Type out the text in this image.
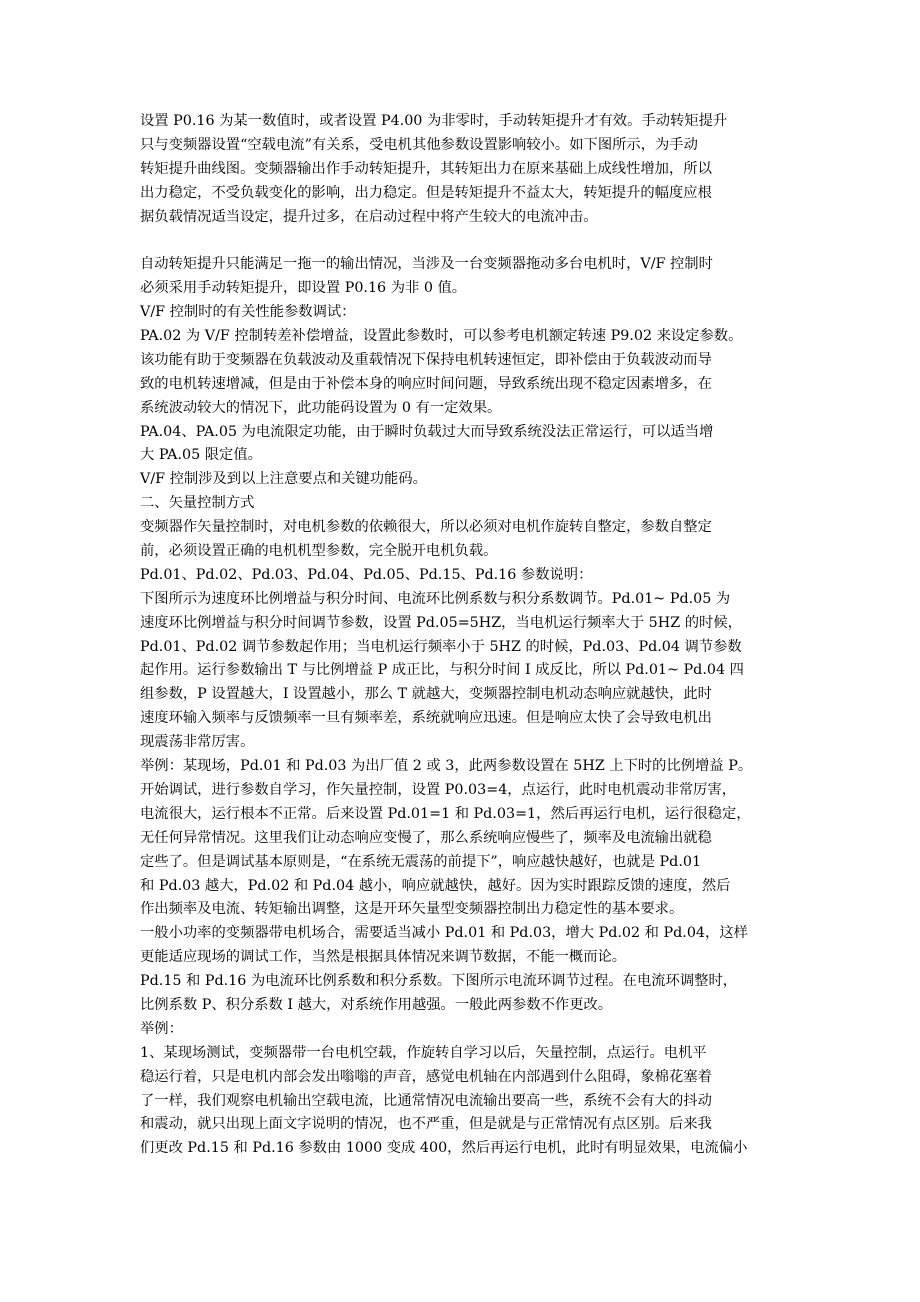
设置 P0.16 为某一数值时，或者设置 P4.00 为非零时，手动转矩提升才有效。手动转矩提升
只与变频器设置“空载电流”有关系，受电机其他参数设置影响较小。如下图所示，为手动
转矩提升曲线图。变频器输出作手动转矩提升，其转矩出力在原来基础上成线性增加，所以
出力稳定，不受负载变化的影响，出力稳定。但是转矩提升不益太大，转矩提升的幅度应根
据负载情况适当设定，提升过多，在启动过程中将产生较大的电流冲击。
自动转矩提升只能满足一拖一的输出情况，当涉及一台变频器拖动多台电机时，V/F 控制时
必须采用手动转矩提升，即设置 P0.16 为非 0 值。
V/F 控制时的有关性能参数调试：
PA.02 为 V/F 控制转差补偿增益，设置此参数时，可以参考电机额定转速 P9.02 来设定参数。
该功能有助于变频器在负载波动及重载情况下保持电机转速恒定，即补偿由于负载波动而导
致的电机转速增减，但是由于补偿本身的响应时间问题，导致系统出现不稳定因素增多，在
系统波动较大的情况下，此功能码设置为 0 有一定效果。
PA.04、PA.05 为电流限定功能，由于瞬时负载过大而导致系统没法正常运行，可以适当增
大 PA.05 限定值。
V/F 控制涉及到以上注意要点和关键功能码。
二、矢量控制方式
变频器作矢量控制时，对电机参数的依赖很大，所以必须对电机作旋转自整定，参数自整定
前，必须设置正确的电机机型参数，完全脱开电机负载。
Pd.01、Pd.02、Pd.03、Pd.04、Pd.05、Pd.15、Pd.16 参数说明：
下图所示为速度环比例增益与积分时间、电流环比例系数与积分系数调节。Pd.01~ Pd.05 为
速度环比例增益与积分时间调节参数，设置 Pd.05=5HZ，当电机运行频率大于 5HZ 的时候，
Pd.01、Pd.02 调节参数起作用；当电机运行频率小于 5HZ 的时候，Pd.03、Pd.04 调节参数
起作用。运行参数输出 T 与比例增益 P 成正比，与积分时间 I 成反比，所以 Pd.01~ Pd.04 四
组参数，P 设置越大，I 设置越小，那么 T 就越大，变频器控制电机动态响应就越快，此时
速度环输入频率与反馈频率一旦有频率差，系统就响应迅速。但是响应太快了会导致电机出
现震荡非常厉害。
举例：某现场，Pd.01 和 Pd.03 为出厂值 2 或 3，此两参数设置在 5HZ 上下时的比例增益 P。
开始调试，进行参数自学习，作矢量控制，设置 P0.03=4，点运行，此时电机震动非常厉害，
电流很大，运行根本不正常。后来设置 Pd.01=1 和 Pd.03=1，然后再运行电机，运行很稳定，
无任何异常情况。这里我们让动态响应变慢了，那么系统响应慢些了，频率及电流输出就稳
定些了。但是调试基本原则是，“在系统无震荡的前提下”，响应越快越好，也就是 Pd.01
和 Pd.03 越大，Pd.02 和 Pd.04 越小，响应就越快，越好。因为实时跟踪反馈的速度，然后
作出频率及电流、转矩输出调整，这是开环矢量型变频器控制出力稳定性的基本要求。
一般小功率的变频器带电机场合，需要适当减小 Pd.01 和 Pd.03，增大 Pd.02 和 Pd.04，这样
更能适应现场的调试工作，当然是根据具体情况来调节数据，不能一概而论。
Pd.15 和 Pd.16 为电流环比例系数和积分系数。下图所示电流环调节过程。在电流环调整时，
比例系数 P、积分系数 I 越大，对系统作用越强。一般此两参数不作更改。
举例：
1、某现场测试，变频器带一台电机空载，作旋转自学习以后，矢量控制，点运行。电机平
稳运行着，只是电机内部会发出嗡嗡的声音，感觉电机轴在内部遇到什么阻碍，象棉花塞着
了一样，我们观察电机输出空载电流，比通常情况电流输出要高一些，系统不会有大的抖动
和震动，就只出现上面文字说明的情况，也不严重，但是就是与正常情况有点区别。后来我
们更改 Pd.15 和 Pd.16 参数由 1000 变成 400，然后再运行电机，此时有明显效果，电流偏小
